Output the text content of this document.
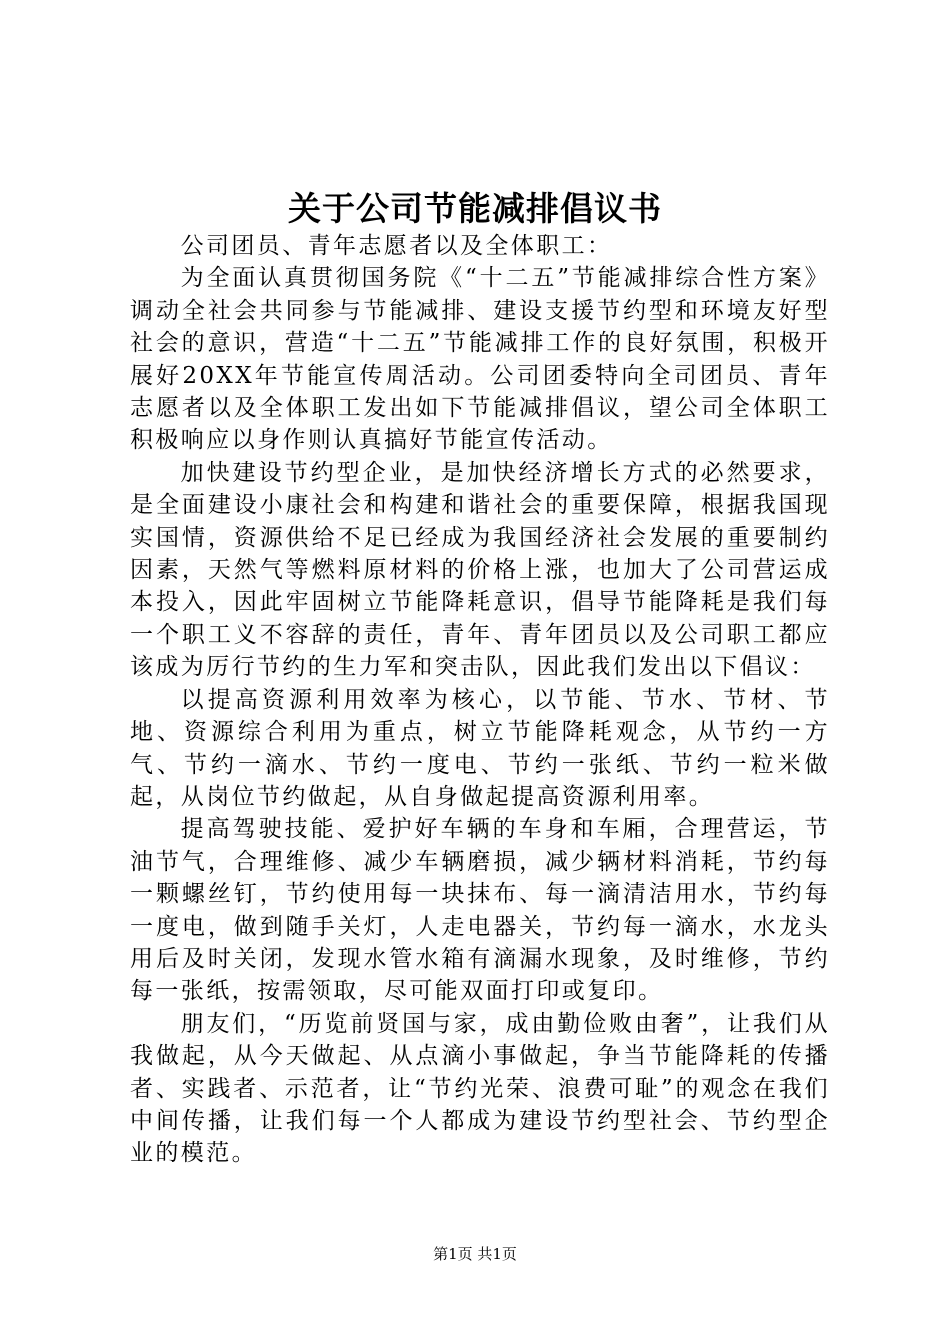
关于公司节能减排倡议书

公司团员、青年志愿者以及全体职工：

为全面认真贯彻国务院《“十二五”节能减排综合性方案》调动全社会共同参与节能减排、建设支援节约型和环境友好型社会的意识，营造“十二五”节能减排工作的良好氛围，积极开展好20XX年节能宣传周活动。公司团委特向全司团员、青年志愿者以及全体职工发出如下节能减排倡议，望公司全体职工积极响应以身作则认真搞好节能宣传活动。

加快建设节约型企业，是加快经济增长方式的必然要求，是全面建设小康社会和构建和谐社会的重要保障，根据我国现实国情，资源供给不足已经成为我国经济社会发展的重要制约因素，天然气等燃料原材料的价格上涨，也加大了公司营运成本投入，因此牢固树立节能降耗意识，倡导节能降耗是我们每一个职工义不容辞的责任，青年、青年团员以及公司职工都应该成为厉行节约的生力军和突击队，因此我们发出以下倡议：

以提高资源利用效率为核心，以节能、节水、节材、节地、资源综合利用为重点，树立节能降耗观念，从节约一方气、节约一滴水、节约一度电、节约一张纸、节约一粒米做起，从岗位节约做起，从自身做起提高资源利用率。

提高驾驶技能、爱护好车辆的车身和车厢，合理营运，节油节气，合理维修、减少车辆磨损，减少辆材料消耗，节约每一颗螺丝钉，节约使用每一块抹布、每一滴清洁用水，节约每一度电，做到随手关灯，人走电器关，节约每一滴水，水龙头用后及时关闭，发现水管水箱有滴漏水现象，及时维修，节约每一张纸，按需领取，尽可能双面打印或复印。

朋友们，“历览前贤国与家，成由勤俭败由奢”，让我们从我做起，从今天做起、从点滴小事做起，争当节能降耗的传播者、实践者、示范者，让“节约光荣、浪费可耻”的观念在我们中间传播，让我们每一个人都成为建设节约型社会、节约型企业的模范。

第1页 共1页
